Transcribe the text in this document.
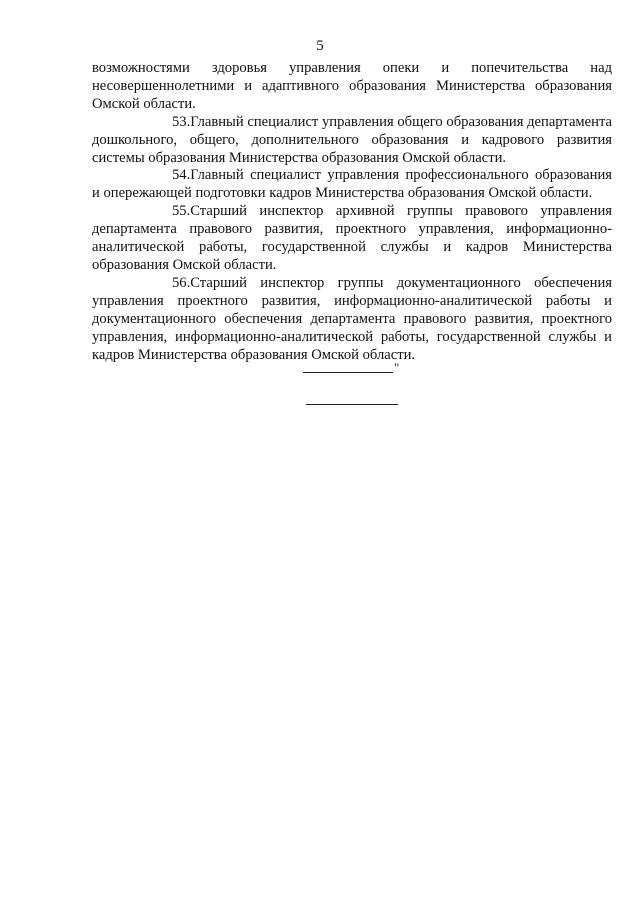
5

возможностями здоровья управления опеки и попечительства над несовершеннолетними и адаптивного образования Министерства образования Омской области.

53.Главный специалист управления общего образования департамента дошкольного, общего, дополнительного образования и кадрового развития системы образования Министерства образования Омской области.

54.Главный специалист управления профессионального образования и опережающей подготовки кадров Министерства образования Омской области.

55.Старший инспектор архивной группы правового управления департамента правового развития, проектного управления, информационно-аналитической работы, государственной службы и кадров Министерства образования Омской области.

56.Старший инспектор группы документационного обеспечения управления проектного развития, информационно-аналитической работы и документационного обеспечения департамента правового развития, проектного управления, информационно-аналитической работы, государственной службы и кадров Министерства образования Омской области.

"
